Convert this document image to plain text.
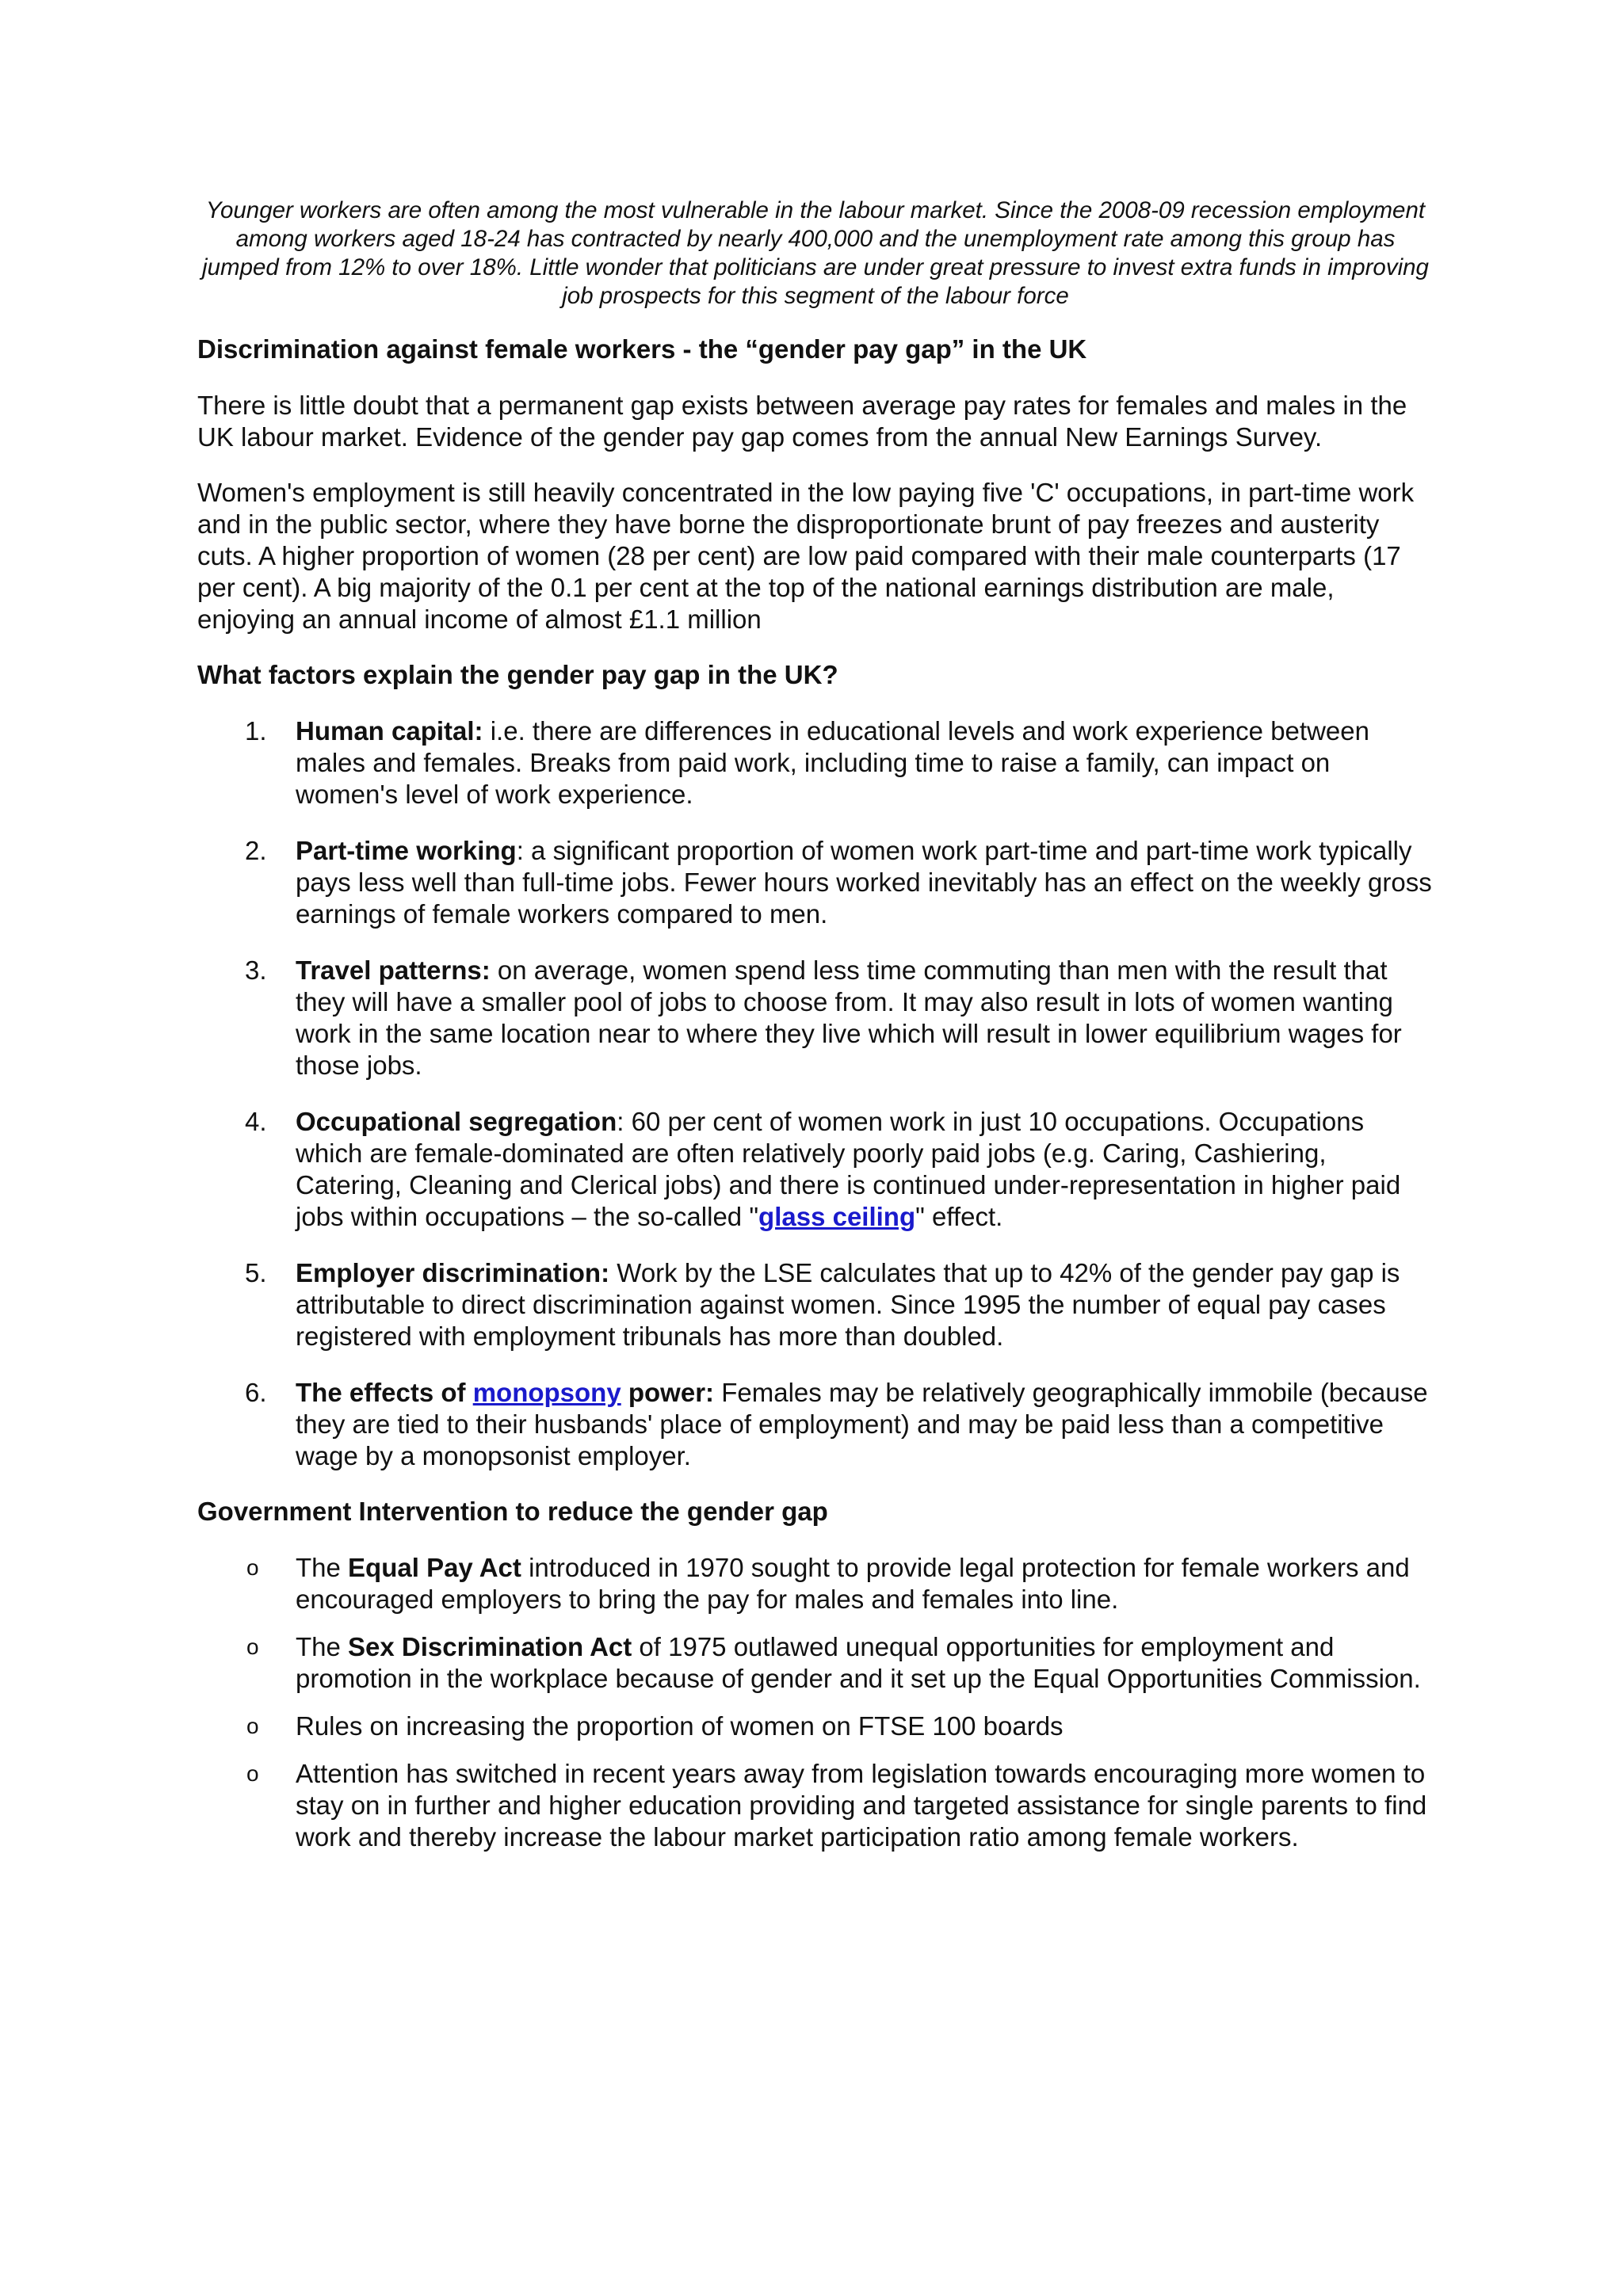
Younger workers are often among the most vulnerable in the labour market. Since the 2008-09 recession employment among workers aged 18-24 has contracted by nearly 400,000 and the unemployment rate among this group has jumped from 12% to over 18%. Little wonder that politicians are under great pressure to invest extra funds in improving job prospects for this segment of the labour force

Discrimination against female workers - the “gender pay gap” in the UK

There is little doubt that a permanent gap exists between average pay rates for females and males in the UK labour market. Evidence of the gender pay gap comes from the annual New Earnings Survey.

Women's employment is still heavily concentrated in the low paying five 'C' occupations, in part-time work and in the public sector, where they have borne the disproportionate brunt of pay freezes and austerity cuts. A higher proportion of women (28 per cent) are low paid compared with their male counterparts (17 per cent). A big majority of the 0.1 per cent at the top of the national earnings distribution are male, enjoying an annual income of almost £1.1 million

What factors explain the gender pay gap in the UK?
1. Human capital: i.e. there are differences in educational levels and work experience between males and females. Breaks from paid work, including time to raise a family, can impact on women's level of work experience.
2. Part-time working: a significant proportion of women work part-time and part-time work typically pays less well than full-time jobs. Fewer hours worked inevitably has an effect on the weekly gross earnings of female workers compared to men.
3. Travel patterns: on average, women spend less time commuting than men with the result that they will have a smaller pool of jobs to choose from. It may also result in lots of women wanting work in the same location near to where they live which will result in lower equilibrium wages for those jobs.
4. Occupational segregation: 60 per cent of women work in just 10 occupations. Occupations which are female-dominated are often relatively poorly paid jobs (e.g. Caring, Cashiering, Catering, Cleaning and Clerical jobs) and there is continued under-representation in higher paid jobs within occupations – the so-called "glass ceiling" effect.
5. Employer discrimination: Work by the LSE calculates that up to 42% of the gender pay gap is attributable to direct discrimination against women. Since 1995 the number of equal pay cases registered with employment tribunals has more than doubled.
6. The effects of monopsony power: Females may be relatively geographically immobile (because they are tied to their husbands' place of employment) and may be paid less than a competitive wage by a monopsonist employer.
Government Intervention to reduce the gender gap
o The Equal Pay Act introduced in 1970 sought to provide legal protection for female workers and encouraged employers to bring the pay for males and females into line.
o The Sex Discrimination Act of 1975 outlawed unequal opportunities for employment and promotion in the workplace because of gender and it set up the Equal Opportunities Commission.
o Rules on increasing the proportion of women on FTSE 100 boards
o Attention has switched in recent years away from legislation towards encouraging more women to stay on in further and higher education providing and targeted assistance for single parents to find work and thereby increase the labour market participation ratio among female workers.
